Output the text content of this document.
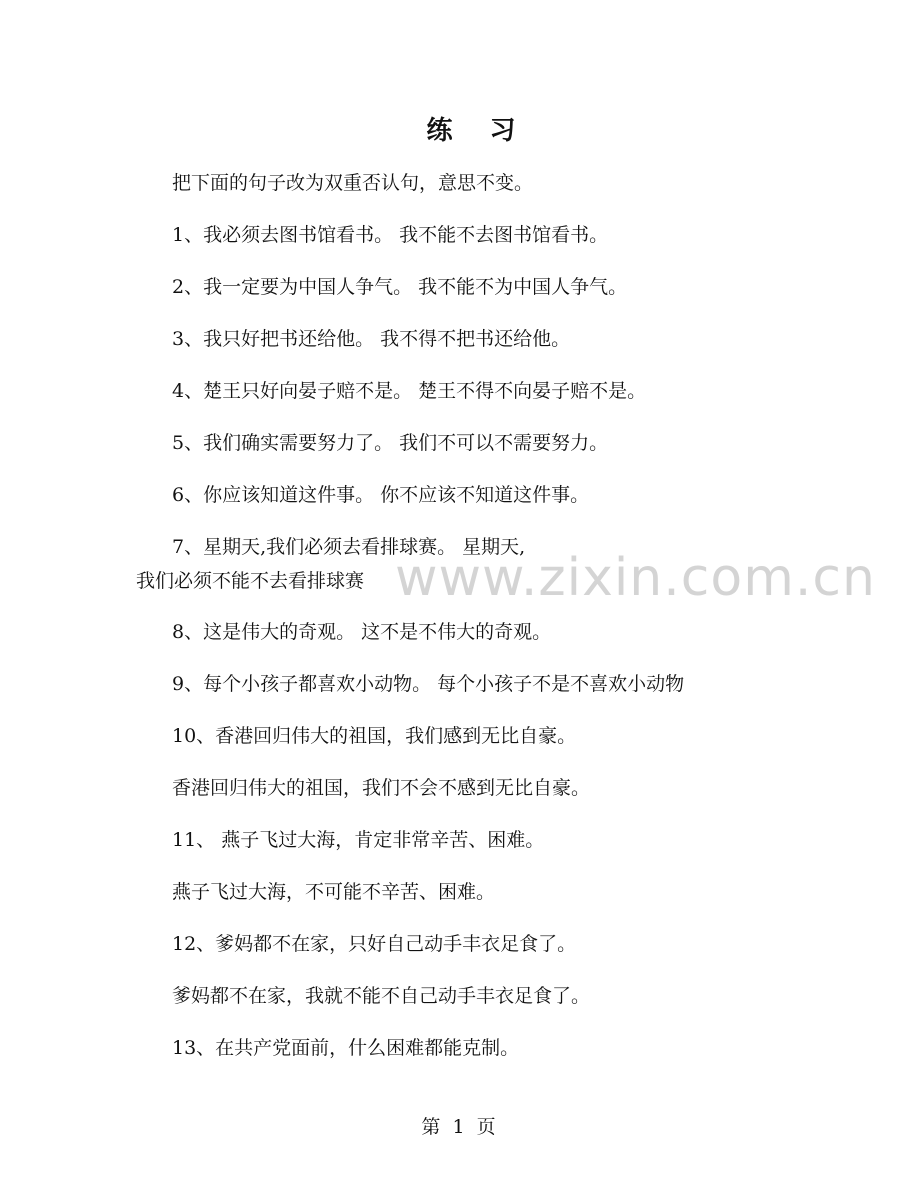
练 习
把下面的句子改为双重否认句，意思不变。
1、我必须去图书馆看书。 我不能不去图书馆看书。
2、我一定要为中国人争气。 我不能不为中国人争气。
3、我只好把书还给他。 我不得不把书还给他。
4、楚王只好向晏子赔不是。 楚王不得不向晏子赔不是。
5、我们确实需要努力了。 我们不可以不需要努力。
6、你应该知道这件事。 你不应该不知道这件事。
7、星期天,我们必须去看排球赛。 星期天,
我们必须不能不去看排球赛
8、这是伟大的奇观。 这不是不伟大的奇观。
9、每个小孩子都喜欢小动物。 每个小孩子不是不喜欢小动物
10、香港回归伟大的祖国，我们感到无比自豪。
香港回归伟大的祖国，我们不会不感到无比自豪。
11、 燕子飞过大海，肯定非常辛苦、困难。
燕子飞过大海，不可能不辛苦、困难。
12、爹妈都不在家，只好自己动手丰衣足食了。
爹妈都不在家，我就不能不自己动手丰衣足食了。
13、在共产党面前，什么困难都能克制。
www.zixin.com.cn
第 1 页
